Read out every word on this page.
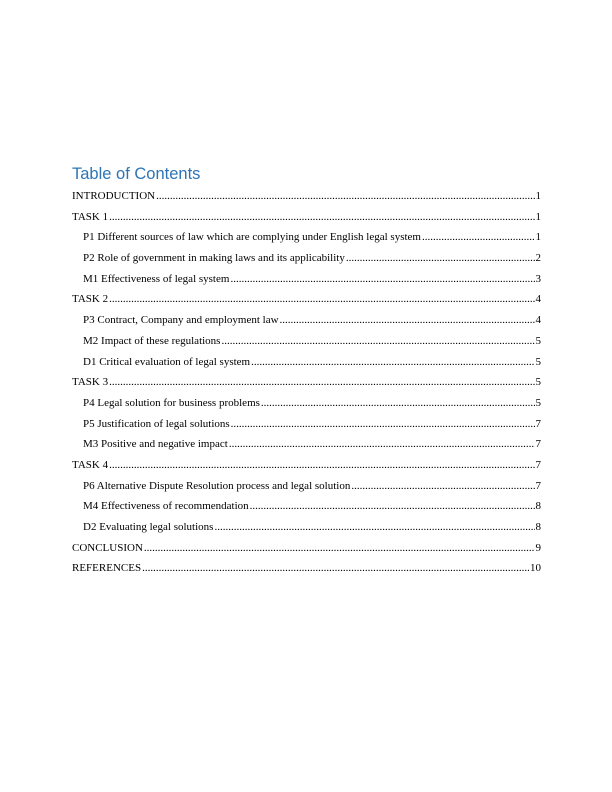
Table of Contents
INTRODUCTION .....	1
TASK 1 .....	1
P1 Different sources of law which are complying under English legal system .....	1
P2 Role of government in making laws and its applicability .....	2
M1 Effectiveness of legal system .....	3
TASK 2 .....	4
P3 Contract, Company and employment law .....	4
M2 Impact of these regulations .....	5
D1 Critical evaluation of legal system .....	5
TASK 3 .....	5
P4 Legal solution for business problems .....	5
P5 Justification of legal solutions .....	7
M3 Positive and negative impact .....	7
TASK 4 .....	7
P6 Alternative Dispute Resolution process and legal solution .....	7
M4 Effectiveness of recommendation .....	8
D2 Evaluating legal solutions .....	8
CONCLUSION .....	9
REFERENCES .....	10
